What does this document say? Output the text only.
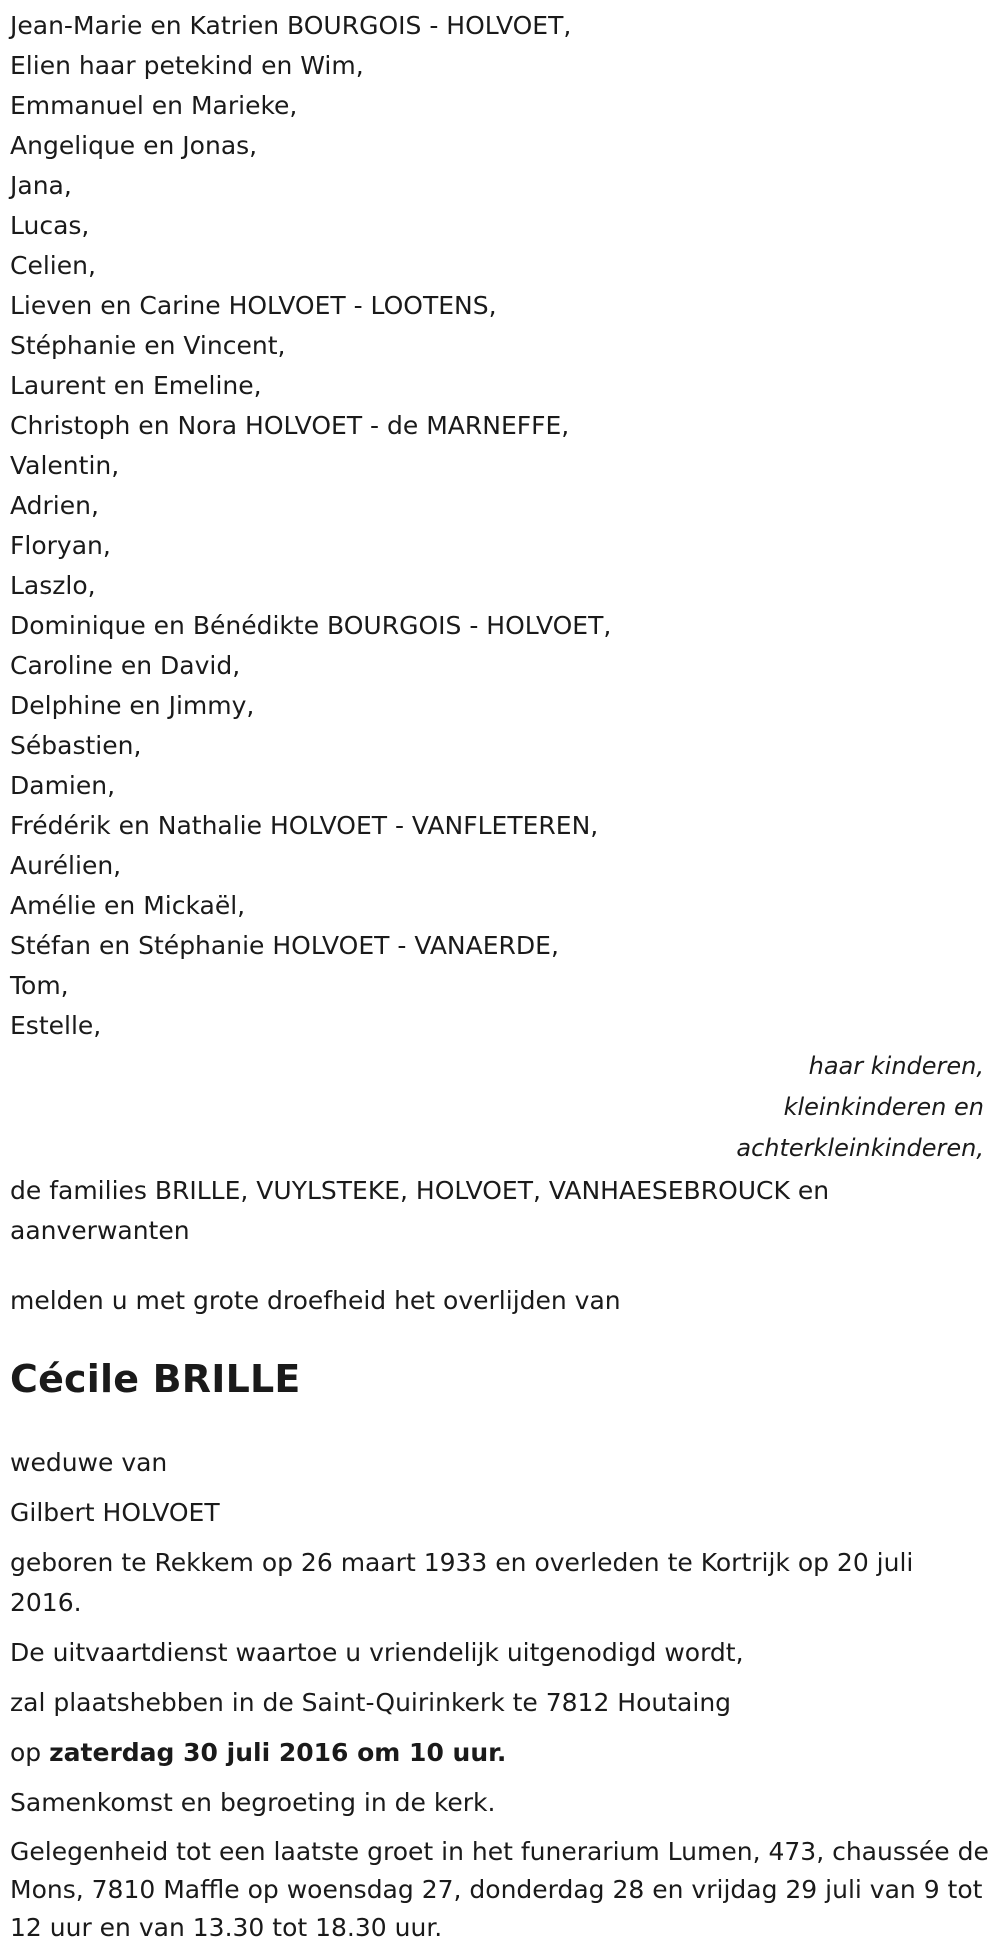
Jean-Marie en Katrien BOURGOIS - HOLVOET,
Elien haar petekind en Wim,
Emmanuel en Marieke,
Angelique en Jonas,
Jana,
Lucas,
Celien,
Lieven en Carine HOLVOET - LOOTENS,
Stéphanie en Vincent,
Laurent en Emeline,
Christoph en Nora HOLVOET - de MARNEFFE,
Valentin,
Adrien,
Floryan,
Laszlo,
Dominique en Bénédikte BOURGOIS - HOLVOET,
Caroline en David,
Delphine en Jimmy,
Sébastien,
Damien,
Frédérik en Nathalie HOLVOET - VANFLETEREN,
Aurélien,
Amélie en Mickaël,
Stéfan en Stéphanie HOLVOET - VANAERDE,
Tom,
Estelle,
haar kinderen,
kleinkinderen en
achterkleinkinderen,
de families BRILLE, VUYLSTEKE, HOLVOET, VANHAESEBROUCK en aanverwanten
melden u met grote droefheid het overlijden van
Cécile BRILLE
weduwe van
Gilbert HOLVOET
geboren te Rekkem op 26 maart 1933 en overleden te Kortrijk op 20 juli 2016.
De uitvaartdienst waartoe u vriendelijk uitgenodigd wordt,
zal plaatshebben in de Saint-Quirinkerk te 7812 Houtaing
op zaterdag 30 juli 2016 om 10 uur.
Samenkomst en begroeting in de kerk.
Gelegenheid tot een laatste groet in het funerarium Lumen, 473, chaussée de Mons, 7810 Maffle op woensdag 27, donderdag 28 en vrijdag 29 juli van 9 tot 12 uur en van 13.30 tot 18.30 uur.
